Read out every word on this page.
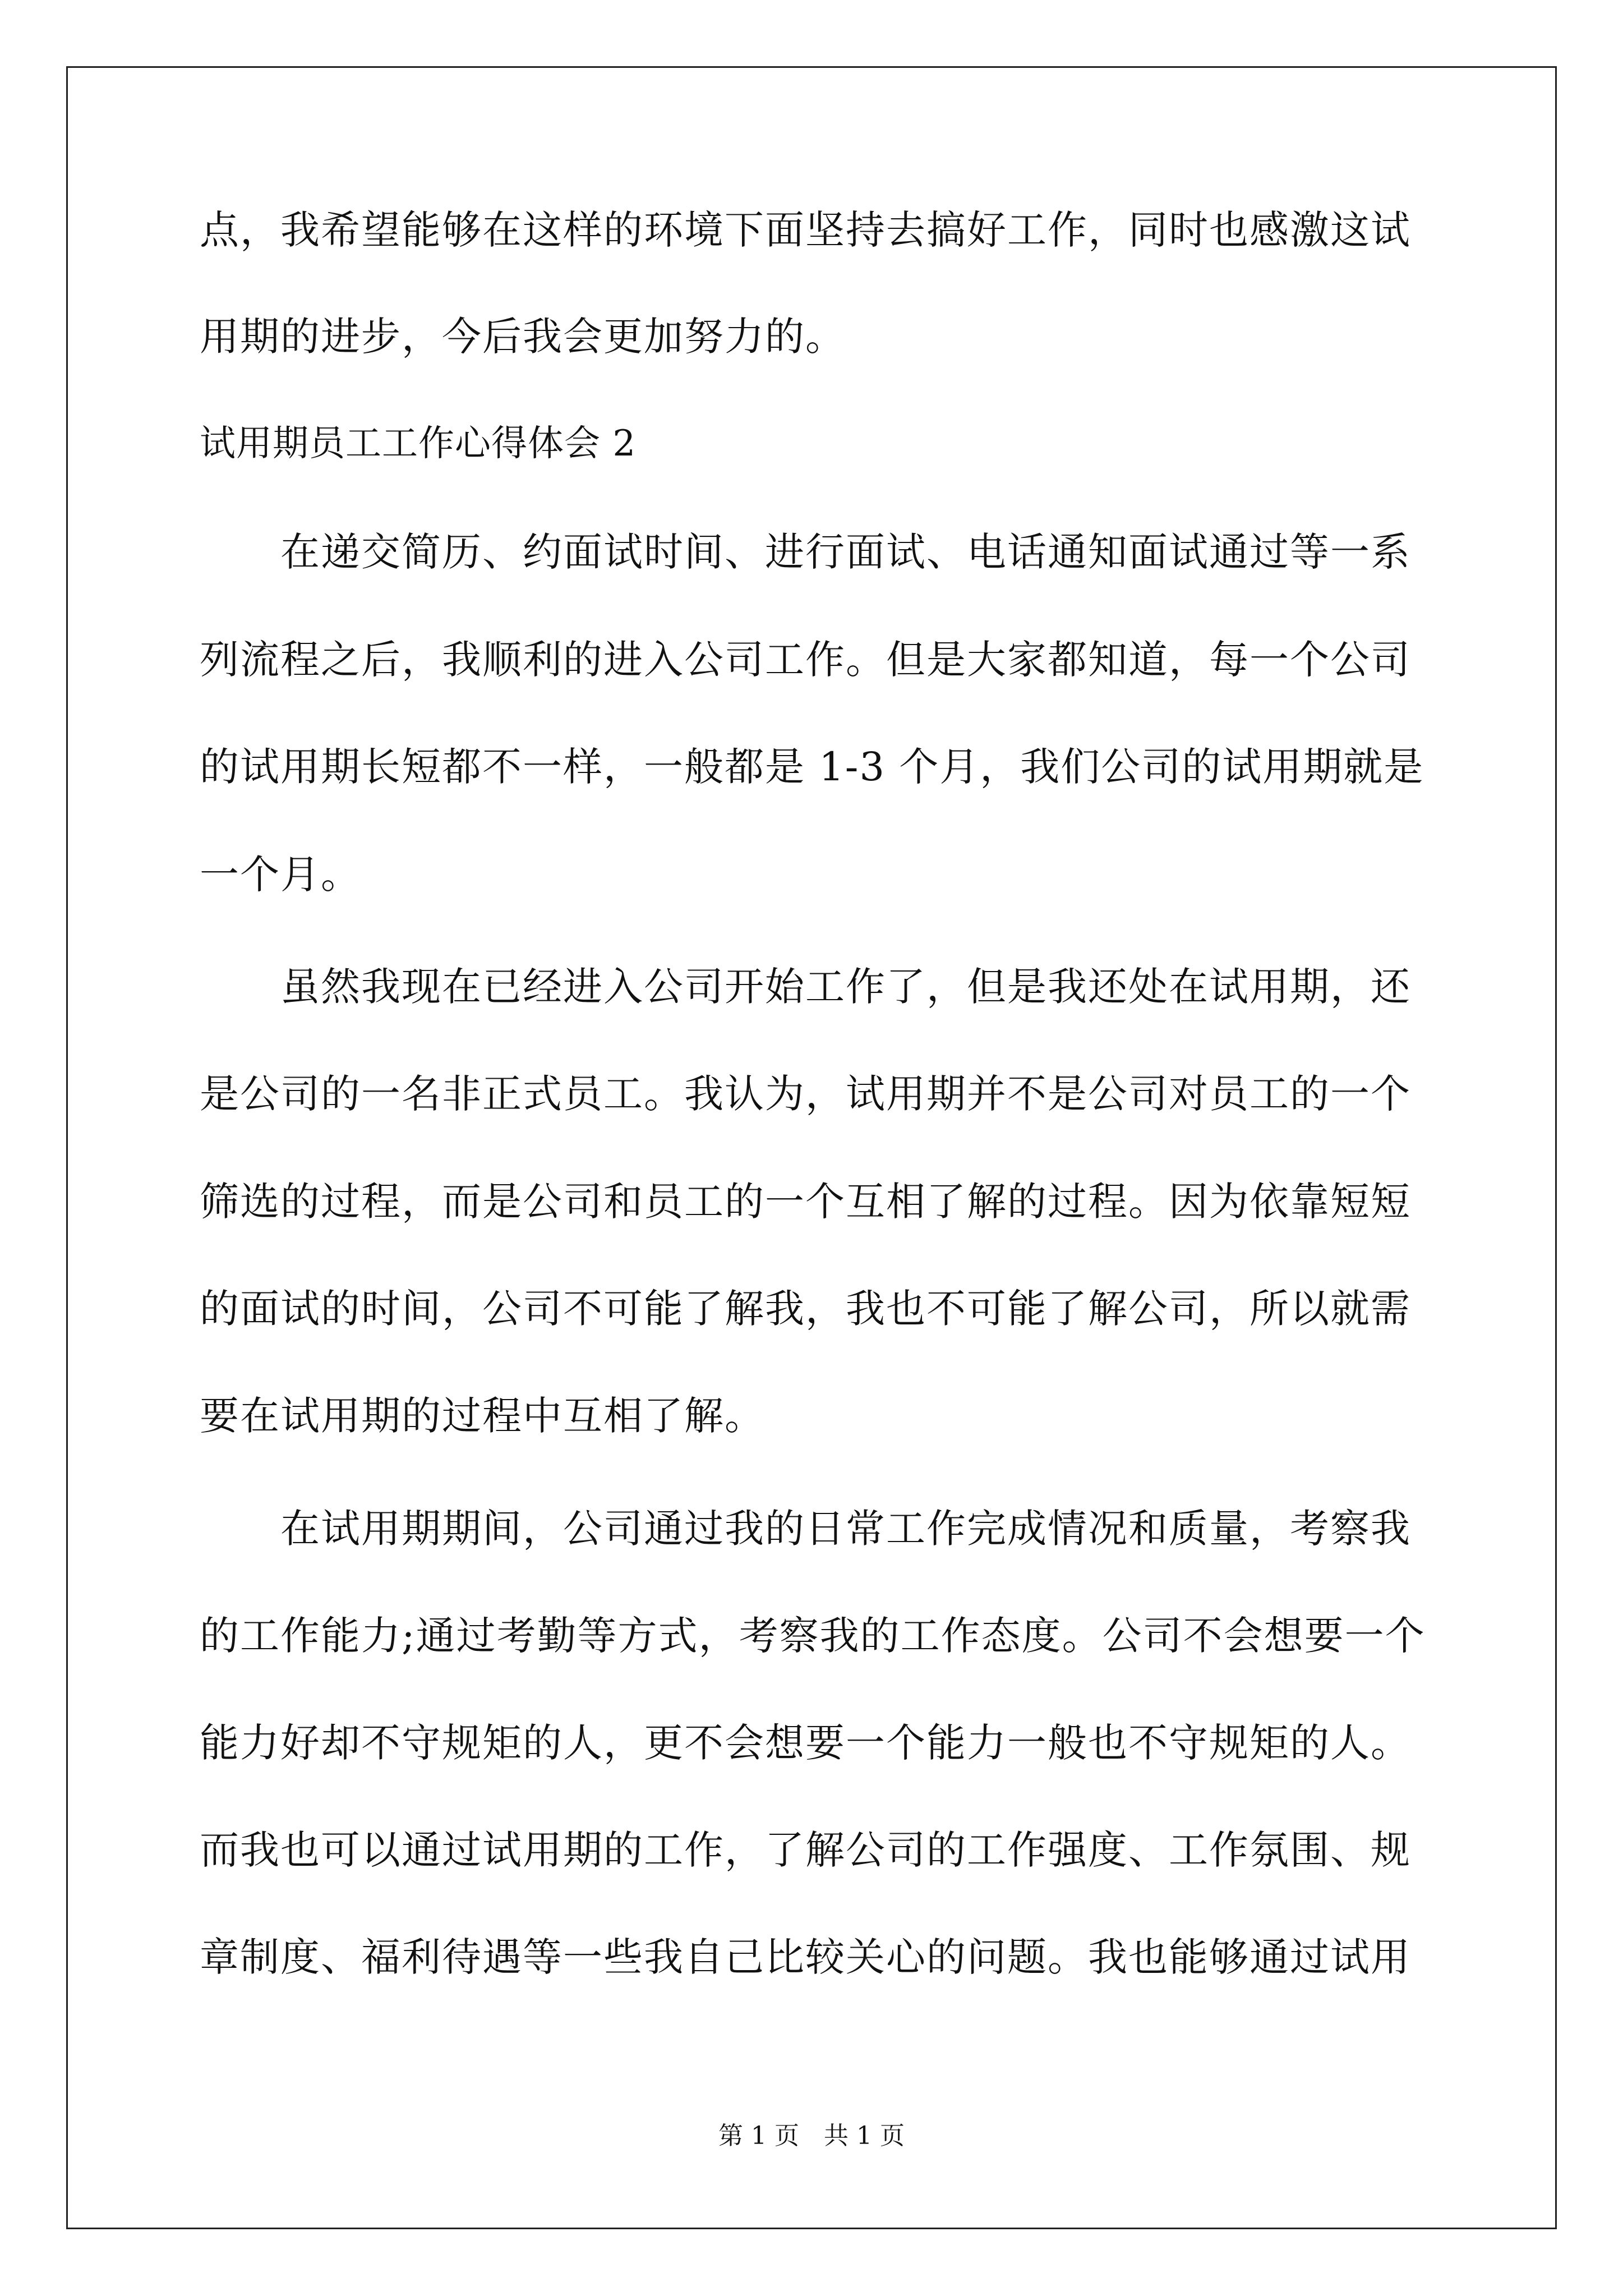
点，我希望能够在这样的环境下面坚持去搞好工作，同时也感激这试
用期的进步，今后我会更加努力的。
试用期员工工作心得体会 2
　　在递交简历、约面试时间、进行面试、电话通知面试通过等一系
列流程之后，我顺利的进入公司工作。但是大家都知道，每一个公司
的试用期长短都不一样，一般都是 1-3 个月，我们公司的试用期就是
一个月。
　　虽然我现在已经进入公司开始工作了，但是我还处在试用期，还
是公司的一名非正式员工。我认为，试用期并不是公司对员工的一个
筛选的过程，而是公司和员工的一个互相了解的过程。因为依靠短短
的面试的时间，公司不可能了解我，我也不可能了解公司，所以就需
要在试用期的过程中互相了解。
　　在试用期期间，公司通过我的日常工作完成情况和质量，考察我
的工作能力;通过考勤等方式，考察我的工作态度。公司不会想要一个
能力好却不守规矩的人，更不会想要一个能力一般也不守规矩的人。
而我也可以通过试用期的工作，了解公司的工作强度、工作氛围、规
章制度、福利待遇等一些我自己比较关心的问题。我也能够通过试用
第 1 页　共 1 页
